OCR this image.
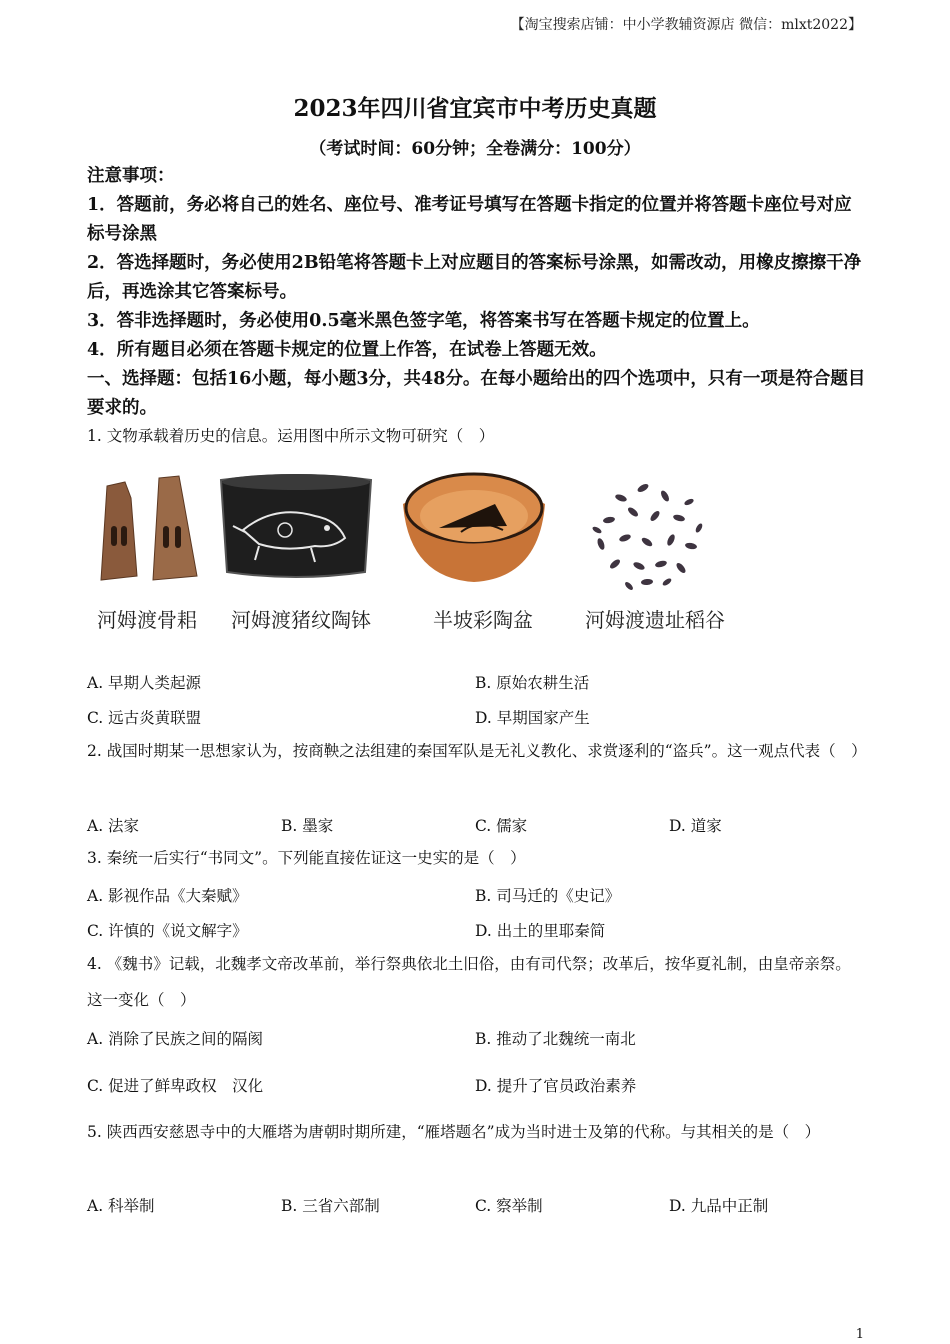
【淘宝搜索店铺：中小学教辅资源店 微信：mlxt2022】
2023年四川省宜宾市中考历史真题
（考试时间：60分钟；全卷满分：100分）
注意事项：
1．答题前，务必将自己的姓名、座位号、准考证号填写在答题卡指定的位置并将答题卡座位号对应标号涂黑
2．答选择题时，务必使用2B铅笔将答题卡上对应题目的答案标号涂黑，如需改动，用橡皮擦擦干净后，再选涂其它答案标号。
3．答非选择题时，务必使用0.5毫米黑色签字笔，将答案书写在答题卡规定的位置上。
4．所有题目必须在答题卡规定的位置上作答，在试卷上答题无效。
一、选择题：包括16小题，每小题3分，共48分。在每小题给出的四个选项中，只有一项是符合题目要求的。
1. 文物承载着历史的信息。运用图中所示文物可研究（　）
河姆渡骨耜 河姆渡猪纹陶钵	半坡彩陶盆	河姆渡遗址稻谷
A. 早期人类起源	B. 原始农耕生活
C. 远古炎黄联盟	D. 早期国家产生
2. 战国时期某一思想家认为，按商鞅之法组建的秦国军队是无礼义教化、求赏逐利的“盗兵”。这一观点代表（　）
A. 法家	B. 墨家	C. 儒家	D. 道家
3. 秦统一后实行“书同文”。下列能直接佐证这一史实的是（　）
A. 影视作品《大秦赋》	B. 司马迁的《史记》
C. 许慎的《说文解字》	D. 出土的里耶秦简
4. 《魏书》记载，北魏孝文帝改革前，举行祭典依北土旧俗，由有司代祭；改革后，按华夏礼制，由皇帝亲祭。这一变化（　）
A. 消除了民族之间的隔阂	B. 推动了北魏统一南北
C. 促进了鲜卑政权　汉化	D. 提升了官员政治素养
5. 陕西西安慈恩寺中的大雁塔为唐朝时期所建，“雁塔题名”成为当时进士及第的代称。与其相关的是（　）
A. 科举制	B. 三省六部制	C. 察举制	D. 九品中正制
1
